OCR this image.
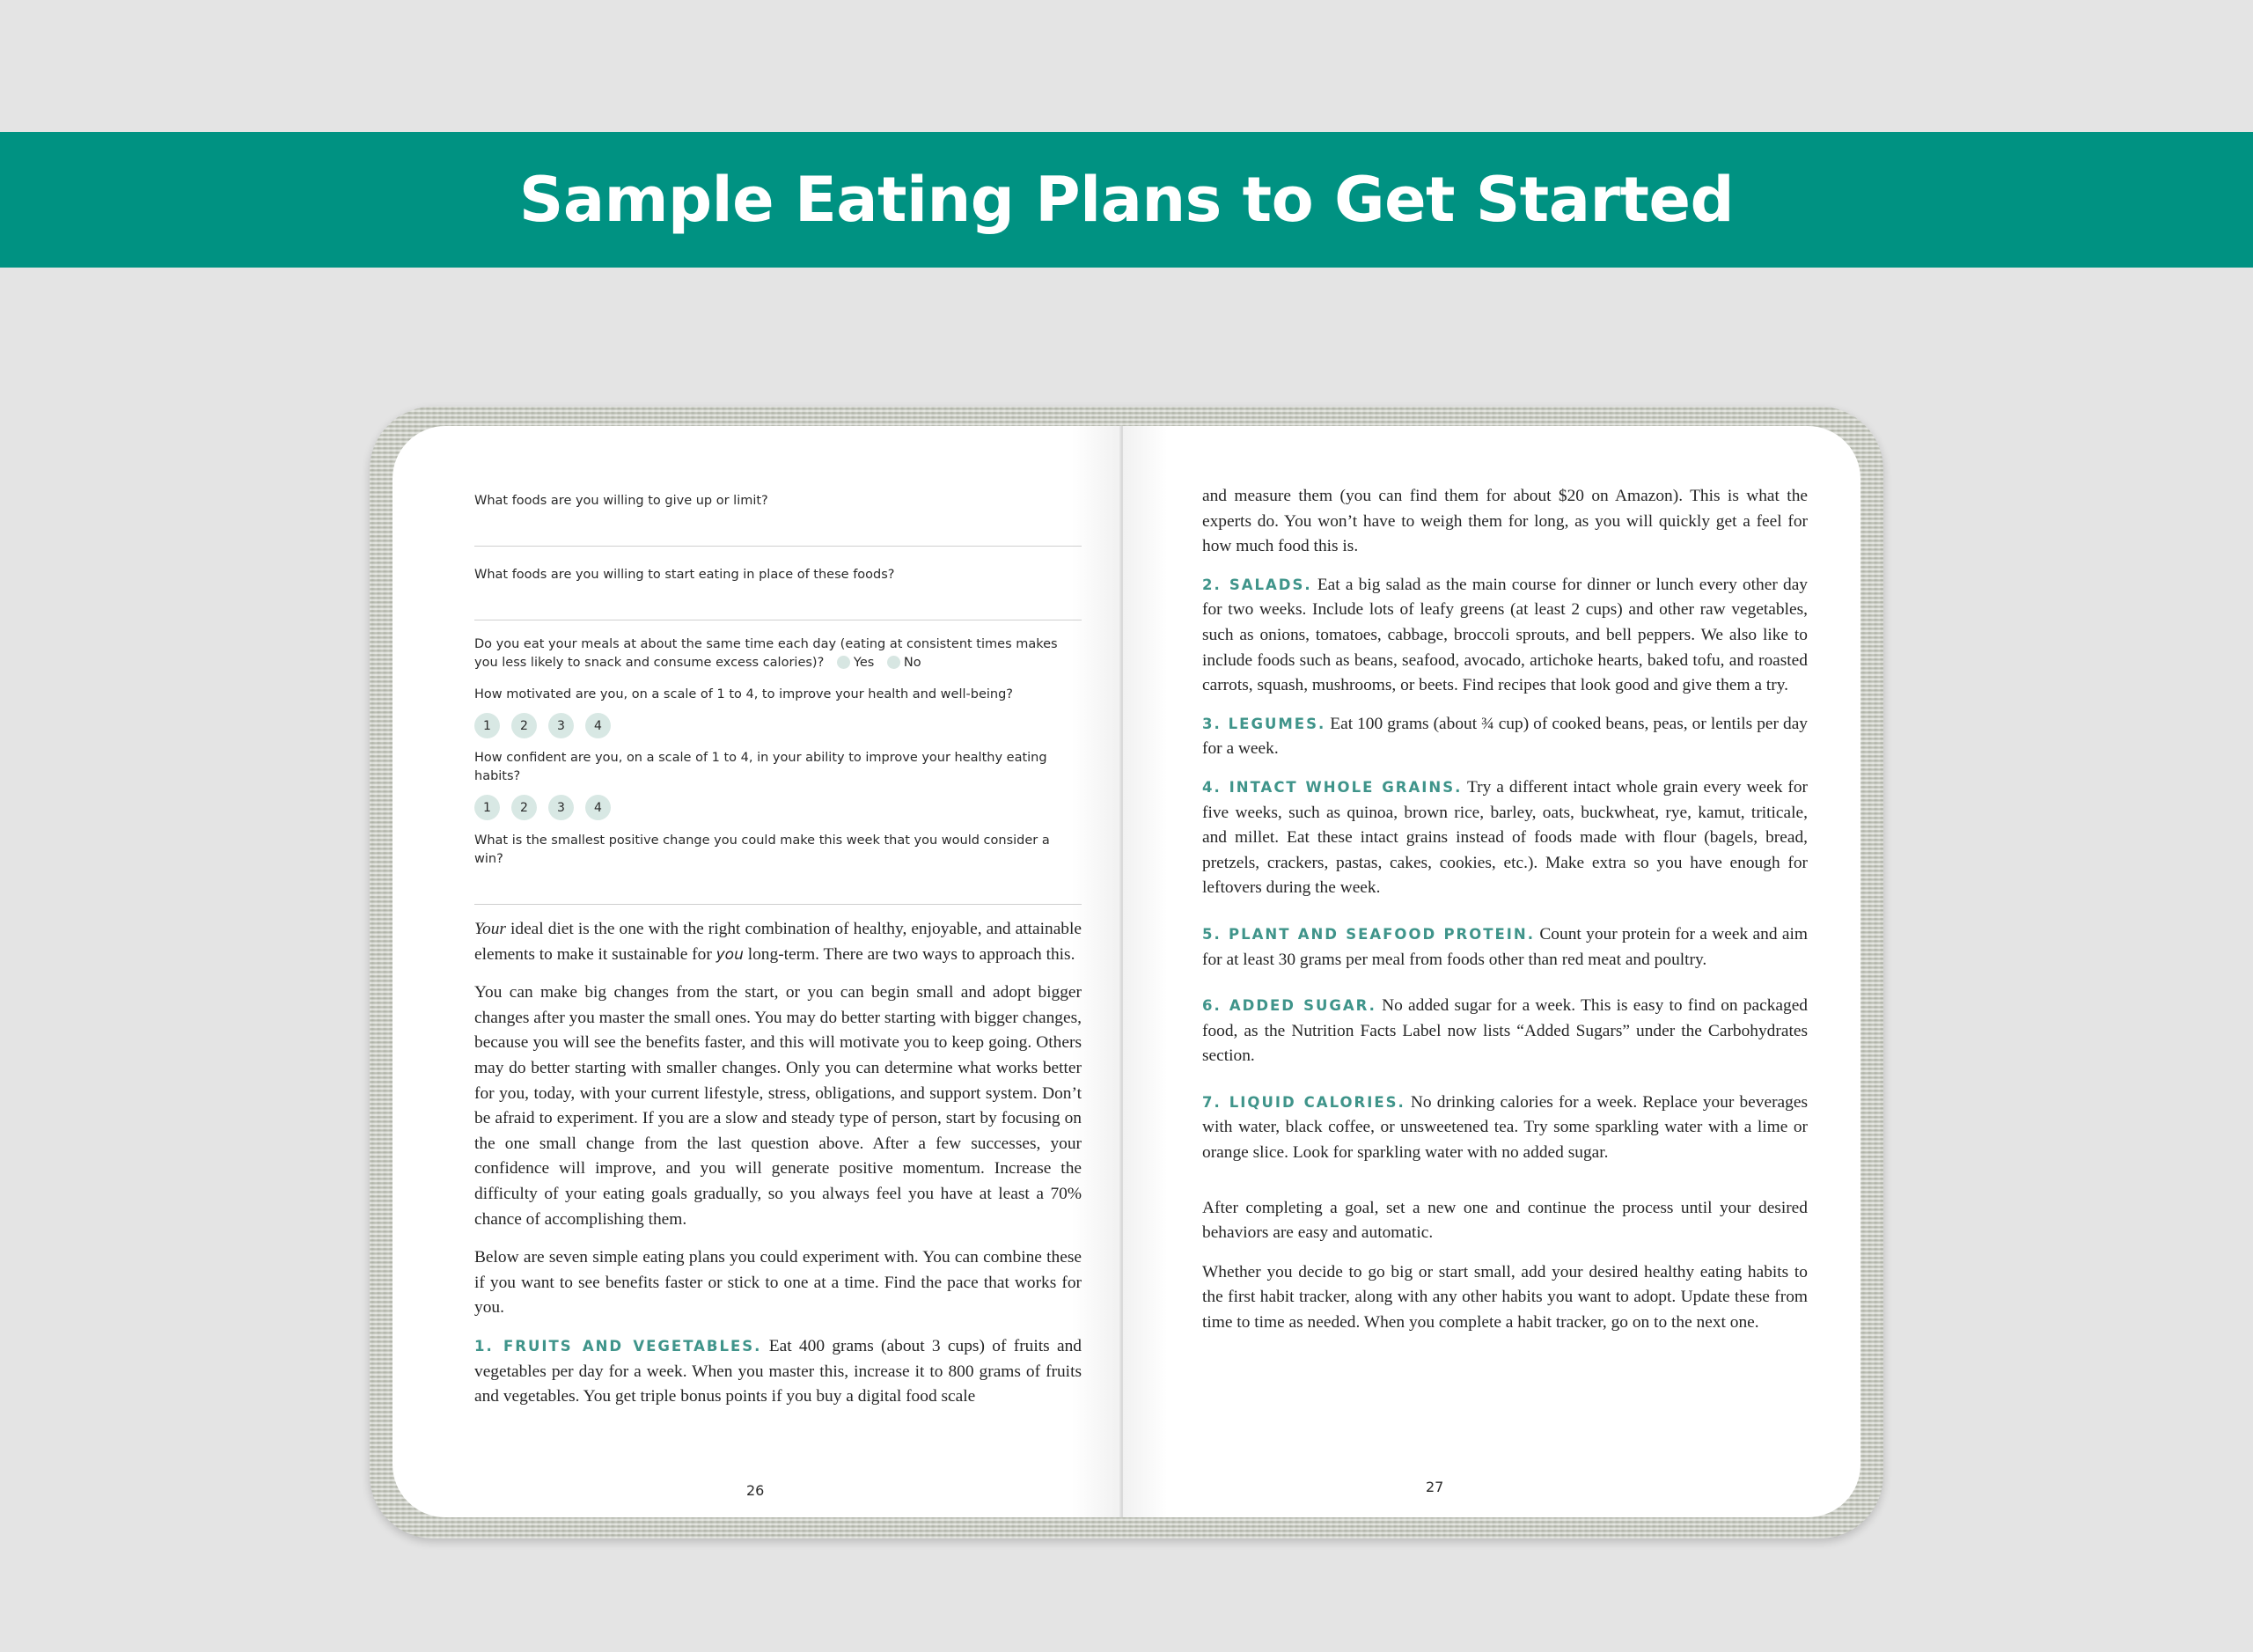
Sample Eating Plans to Get Started
What foods are you willing to give up or limit?
What foods are you willing to start eating in place of these foods?
Do you eat your meals at about the same time each day (eating at consistent times makes you less likely to snack and consume excess calories)? Yes No
How motivated are you, on a scale of 1 to 4, to improve your health and well-being?
1	2	3	4
How confident are you, on a scale of 1 to 4, in your ability to improve your healthy eating habits?
1	2	3	4
What is the smallest positive change you could make this week that you would consider a win?

Your ideal diet is the one with the right combination of healthy, enjoyable, and attainable elements to make it sustainable for you long-term. There are two ways to approach this.

You can make big changes from the start, or you can begin small and adopt bigger changes after you master the small ones. You may do better starting with bigger changes, because you will see the benefits faster, and this will motivate you to keep going. Others may do better starting with smaller changes. Only you can determine what works better for you, today, with your current lifestyle, stress, obligations, and support system. Don’t be afraid to experiment. If you are a slow and steady type of person, start by focusing on the one small change from the last question above. After a few successes, your confidence will improve, and you will generate positive momentum. Increase the difficulty of your eating goals gradually, so you always feel you have at least a 70% chance of accomplishing them.

Below are seven simple eating plans you could experiment with. You can combine these if you want to see benefits faster or stick to one at a time. Find the pace that works for you.

1. FRUITS AND VEGETABLES. Eat 400 grams (about 3 cups) of fruits and vegetables per day for a week. When you master this, increase it to 800 grams of fruits and vegetables. You get triple bonus points if you buy a digital food scale

26

and measure them (you can find them for about $20 on Amazon). This is what the experts do. You won’t have to weigh them for long, as you will quickly get a feel for how much food this is.

2. SALADS. Eat a big salad as the main course for dinner or lunch every other day for two weeks. Include lots of leafy greens (at least 2 cups) and other raw vegetables, such as onions, tomatoes, cabbage, broccoli sprouts, and bell peppers. We also like to include foods such as beans, seafood, avocado, artichoke hearts, baked tofu, and roasted carrots, squash, mushrooms, or beets. Find recipes that look good and give them a try.

3. LEGUMES. Eat 100 grams (about ¾ cup) of cooked beans, peas, or lentils per day for a week.

4. INTACT WHOLE GRAINS. Try a different intact whole grain every week for five weeks, such as quinoa, brown rice, barley, oats, buckwheat, rye, kamut, triticale, and millet. Eat these intact grains instead of foods made with flour (bagels, bread, pretzels, crackers, pastas, cakes, cookies, etc.). Make extra so you have enough for leftovers during the week.

5. PLANT AND SEAFOOD PROTEIN. Count your protein for a week and aim for at least 30 grams per meal from foods other than red meat and poultry.

6. ADDED SUGAR. No added sugar for a week. This is easy to find on packaged food, as the Nutrition Facts Label now lists “Added Sugars” under the Carbohydrates section.

7. LIQUID CALORIES. No drinking calories for a week. Replace your beverages with water, black coffee, or unsweetened tea. Try some sparkling water with a lime or orange slice. Look for sparkling water with no added sugar.

After completing a goal, set a new one and continue the process until your desired behaviors are easy and automatic.

Whether you decide to go big or start small, add your desired healthy eating habits to the first habit tracker, along with any other habits you want to adopt. Update these from time to time as needed. When you complete a habit tracker, go on to the next one.

27
